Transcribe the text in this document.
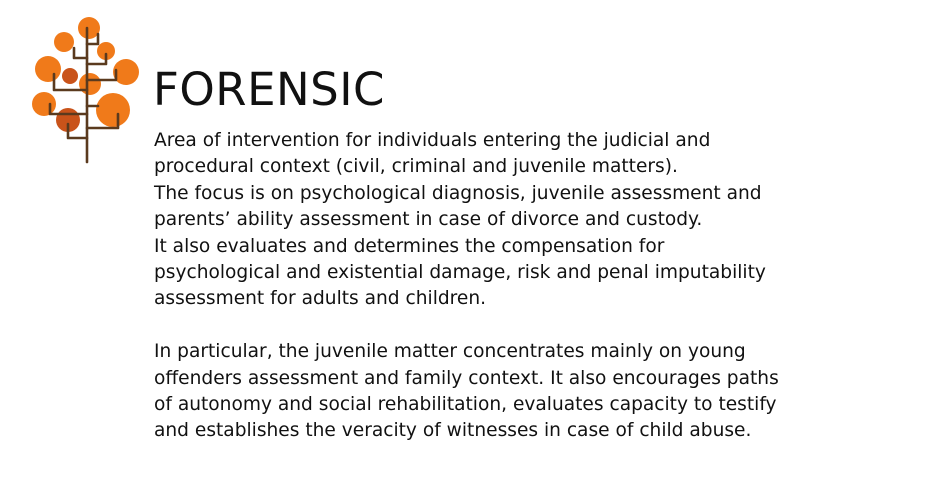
FORENSIC

Area of intervention for individuals entering the judicial and

procedural context (civil, criminal and juvenile matters).

The focus is on psychological diagnosis, juvenile assessment and

parents’ ability assessment in case of divorce and custody.

It also evaluates and determines the compensation for

psychological and existential damage, risk and penal imputability

assessment for adults and children.

In particular, the juvenile matter concentrates mainly on young

offenders assessment and family context. It also encourages paths

of autonomy and social rehabilitation, evaluates capacity to testify

and establishes the veracity of witnesses in case of child abuse.
